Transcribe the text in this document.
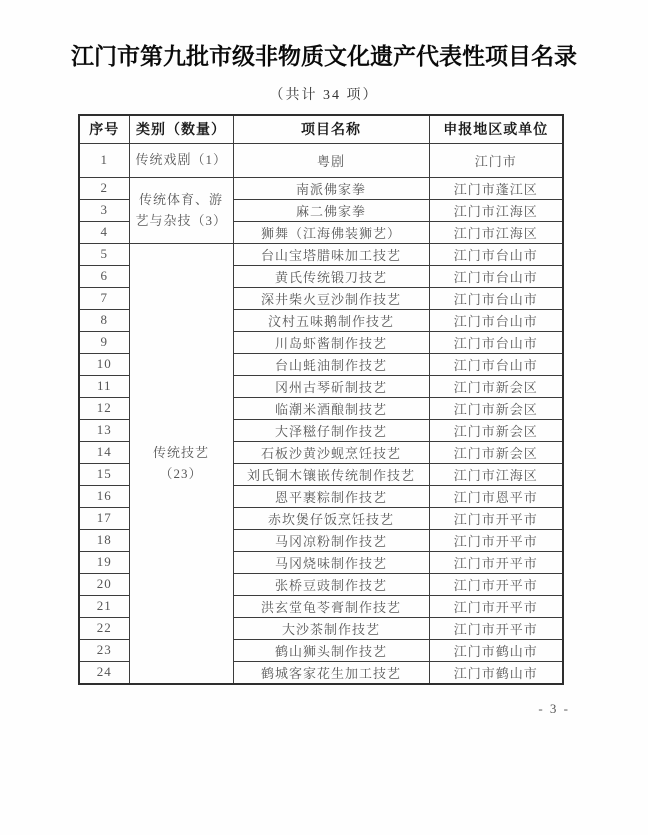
江门市第九批市级非物质文化遗产代表性项目名录
（共计 34 项）
序号	类别（数量）	项目名称	申报地区或单位
1	传统戏剧（1）	粤剧	江门市
2	传统体育、游艺与杂技（3）	南派佛家拳	江门市蓬江区
3		麻二佛家拳	江门市江海区
4		狮舞（江海佛装狮艺）	江门市江海区
5	传统技艺（23）	台山宝塔腊味加工技艺	江门市台山市
6		黄氏传统锻刀技艺	江门市台山市
7		深井柴火豆沙制作技艺	江门市台山市
8		汶村五味鹅制作技艺	江门市台山市
9		川岛虾酱制作技艺	江门市台山市
10		台山蚝油制作技艺	江门市台山市
11		冈州古琴斫制技艺	江门市新会区
12		临潮米酒酿制技艺	江门市新会区
13		大泽糍仔制作技艺	江门市新会区
14		石板沙黄沙蚬烹饪技艺	江门市新会区
15		刘氏铜木镶嵌传统制作技艺	江门市江海区
16		恩平裹粽制作技艺	江门市恩平市
17		赤坎煲仔饭烹饪技艺	江门市开平市
18		马冈凉粉制作技艺	江门市开平市
19		马冈烧味制作技艺	江门市开平市
20		张桥豆豉制作技艺	江门市开平市
21		洪玄堂龟苓膏制作技艺	江门市开平市
22		大沙茶制作技艺	江门市开平市
23		鹤山狮头制作技艺	江门市鹤山市
24		鹤城客家花生加工技艺	江门市鹤山市
- 3 -
